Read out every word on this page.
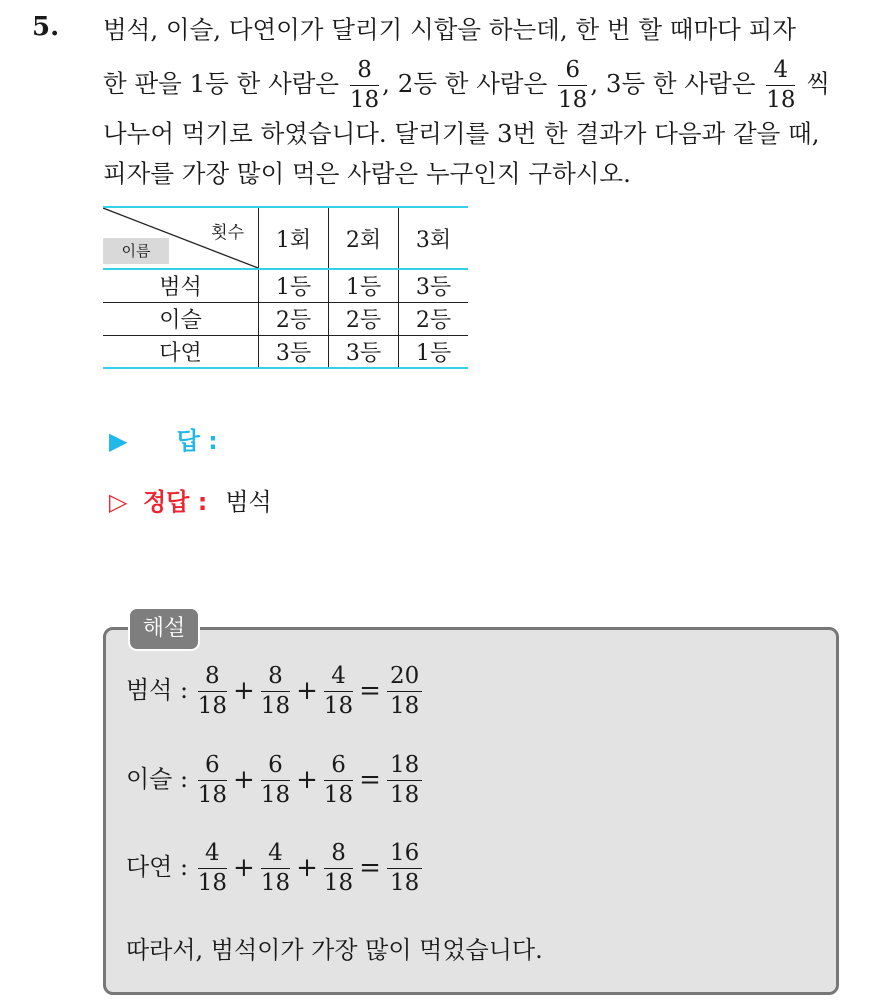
5. 범석, 이슬, 다연이가 달리기 시합을 하는데, 한 번 할 때마다 피자
한 판을 1등 한 사람은 $\frac{8}{18}$ , 2등 한 사람은 $\frac{6}{18}$ , 3등 한 사람은 $\frac{4}{18}$ 씩
나누어 먹기로 하였습니다. 달리기를 3번 한 결과가 다음과 같을 때,
피자를 가장 많이 먹은 사람은 누구인지 구하시오.
횟수
이름	1회	2회	3회
범석	1등	1등	3등
이슬	2등	2등	2등
다연	3등	3등	1등
▶ 답 :
▷ 정답 : 범석
해설
범석 : $\frac{8}{18} + \frac{8}{18} + \frac{4}{18} = \frac{20}{18}$
이슬 : $\frac{6}{18} + \frac{6}{18} + \frac{6}{18} = \frac{18}{18}$
다연 : $\frac{4}{18} + \frac{4}{18} + \frac{8}{18} = \frac{16}{18}$
따라서, 범석이가 가장 많이 먹었습니다.
